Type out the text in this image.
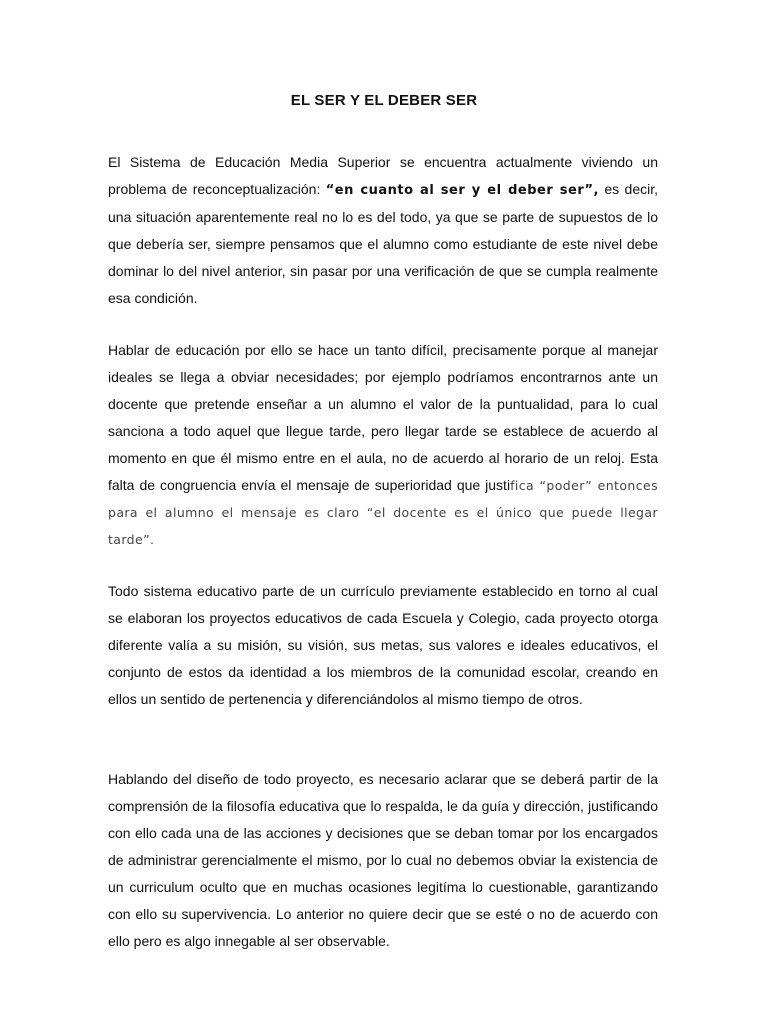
EL SER Y EL DEBER SER

El Sistema de Educación Media Superior se encuentra actualmente viviendo un problema de reconceptualización: “en cuanto al ser y el deber ser”, es decir, una situación aparentemente real no lo es del todo, ya que se parte de supuestos de lo que debería ser, siempre pensamos que el alumno como estudiante de este nivel debe dominar lo del nivel anterior, sin pasar por una verificación de que se cumpla realmente esa condición.

Hablar de educación por ello se hace un tanto difícil, precisamente porque al manejar ideales se llega a obviar necesidades; por ejemplo podríamos encontrarnos ante un docente que pretende enseñar a un alumno el valor de la puntualidad, para lo cual sanciona a todo aquel que llegue tarde, pero llegar tarde se establece de acuerdo al momento en que él mismo entre en el aula, no de acuerdo al horario de un reloj. Esta falta de congruencia envía el mensaje de superioridad que justifica “poder” entonces para el alumno el mensaje es claro “el docente es el único que puede llegar tarde”.

Todo sistema educativo parte de un currículo previamente establecido en torno al cual se elaboran los proyectos educativos de cada Escuela y Colegio, cada proyecto otorga diferente valía a su misión, su visión, sus metas, sus valores e ideales educativos, el conjunto de estos da identidad a los miembros de la comunidad escolar, creando en ellos un sentido de pertenencia y diferenciándolos al mismo tiempo de otros.

Hablando del diseño de todo proyecto, es necesario aclarar que se deberá partir de la comprensión de la filosofía educativa que lo respalda, le da guía y dirección, justificando con ello cada una de las acciones y decisiones que se deban tomar por los encargados de administrar gerencialmente el mismo, por lo cual no debemos obviar la existencia de un curriculum oculto que en muchas ocasiones legitíma lo cuestionable, garantizando con ello su supervivencia. Lo anterior no quiere decir que se esté o no de acuerdo con ello pero es algo innegable al ser observable.
